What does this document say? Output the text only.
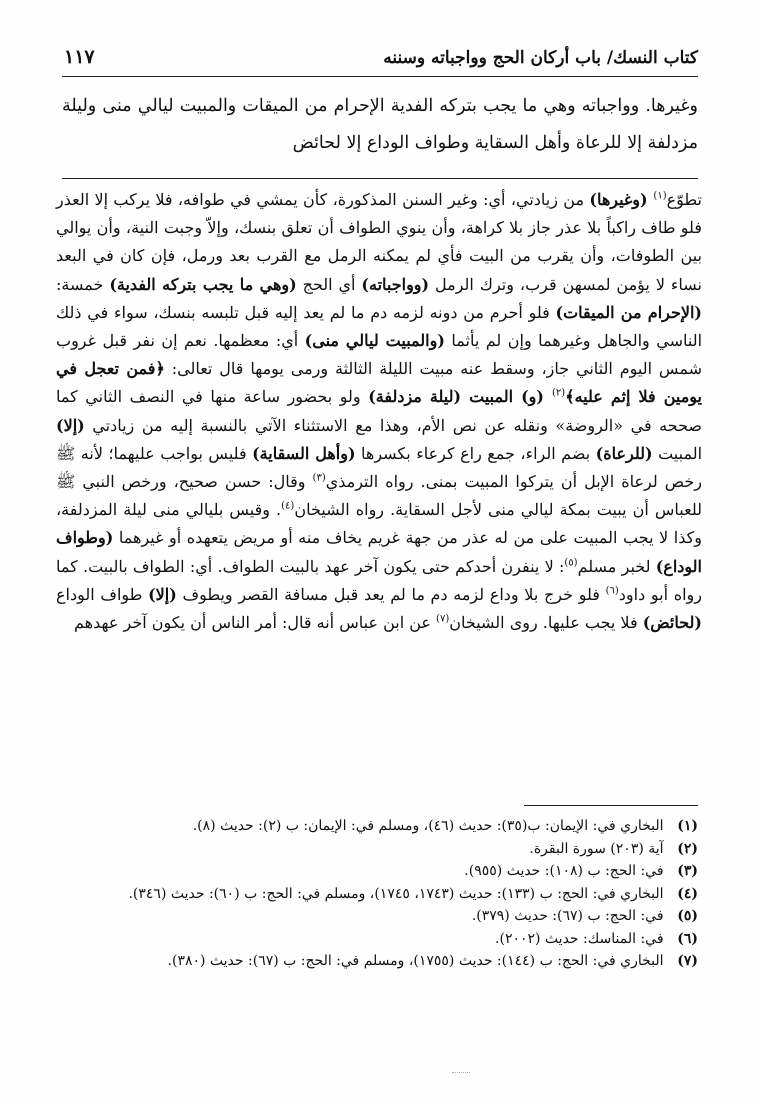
كتاب النسك/ باب أركان الحج وواجباته وسننه
١١٧
وغيرها. وواجباته وهي ما يجب بتركه الفدية الإحرام من الميقات والمبيت ليالي منى وليلة مزدلفة إلا للرعاة وأهل السقاية وطواف الوداع إلا لحائض
تطوّع$^{(١)}$ (وغيرها) من زيادتي، أي: وغير السنن المذكورة، كأن يمشي في طوافه، فلا يركب إلا العذر فلو طاف راكباً بلا عذر جاز بلا كراهة، وأن ينوي الطواف أن تعلق بنسك، وإلاّ وجبت النية، وأن يوالي بين الطوفات، وأن يقرب من البيت فأي لم يمكنه الرمل مع القرب بعد ورمل، فإن كان في البعد نساء لا يؤمن لمسهن قرب، وترك الرمل (وواجباته) أي الحج (وهي ما يجب بتركه الفدية) خمسة: (الإحرام من الميقات) فلو أحرم من دونه لزمه دم ما لم يعد إليه قبل تلبسه بنسك، سواء في ذلك الناسي والجاهل وغيرهما وإن لم يأثما (والمبيت ليالي منى) أي: معظمها. نعم إن نفر قبل غروب شمس اليوم الثاني جاز، وسقط عنه مبيت الليلة الثالثة ورمى يومها قال تعالى: ﴿فمن تعجل في يومين فلا إثم عليه﴾$^{(٢)}$ (و) المبيت (ليلة مزدلفة) ولو بحضور ساعة منها في النصف الثاني كما صححه في «الروضة» ونقله عن نص الأم، وهذا مع الاستثناء الآتي بالنسبة إليه من زيادتي (إلا) المبيت (للرعاة) بضم الراء، جمع راع كرعاء بكسرها (وأهل السقاية) فليس بواجب عليهما؛ لأنه ﷺ رخص لرعاة الإبل أن يتركوا المبيت بمنى. رواه الترمذي$^{(٣)}$ وقال: حسن صحيح، ورخص النبي ﷺ للعباس أن يبيت بمكة ليالي منى لأجل السقاية. رواه الشيخان$^{(٤)}$. وقيس بليالي منى ليلة المزدلفة، وكذا لا يجب المبيت على من له عذر من جهة غريم يخاف منه أو مريض يتعهده أو غيرهما (وطواف الوداع) لخبر مسلم$^{(٥)}$: لا ينفرن أحدكم حتى يكون آخر عهد بالبيت الطواف. أي: الطواف بالبيت. كما رواه أبو داود$^{(٦)}$ فلو خرج بلا وداع لزمه دم ما لم يعد قبل مسافة القصر ويطوف (إلا) طواف الوداع (لحائض) فلا يجب عليها. روى الشيخان$^{(٧)}$ عن ابن عباس أنه قال: أمر الناس أن يكون آخر عهدهم
(١) البخاري في: الإيمان: ب(٣٥): حديث (٤٦)، ومسلم في: الإيمان: ب (٢): حديث (٨).
(٢) آية (٢٠٣) سورة البقرة.
(٣) في: الحج: ب (١٠٨): حديث (٩٥٥).
(٤) البخاري في: الحج: ب (١٣٣): حديث (١٧٤٣، ١٧٤٥)، ومسلم في: الحج: ب (٦٠): حديث (٣٤٦).
(٥) في: الحج: ب (٦٧): حديث (٣٧٩).
(٦) في: المناسك: حديث (٢٠٠٢).
(٧) البخاري في: الحج: ب (١٤٤): حديث (١٧٥٥)، ومسلم في: الحج: ب (٦٧): حديث (٣٨٠).
